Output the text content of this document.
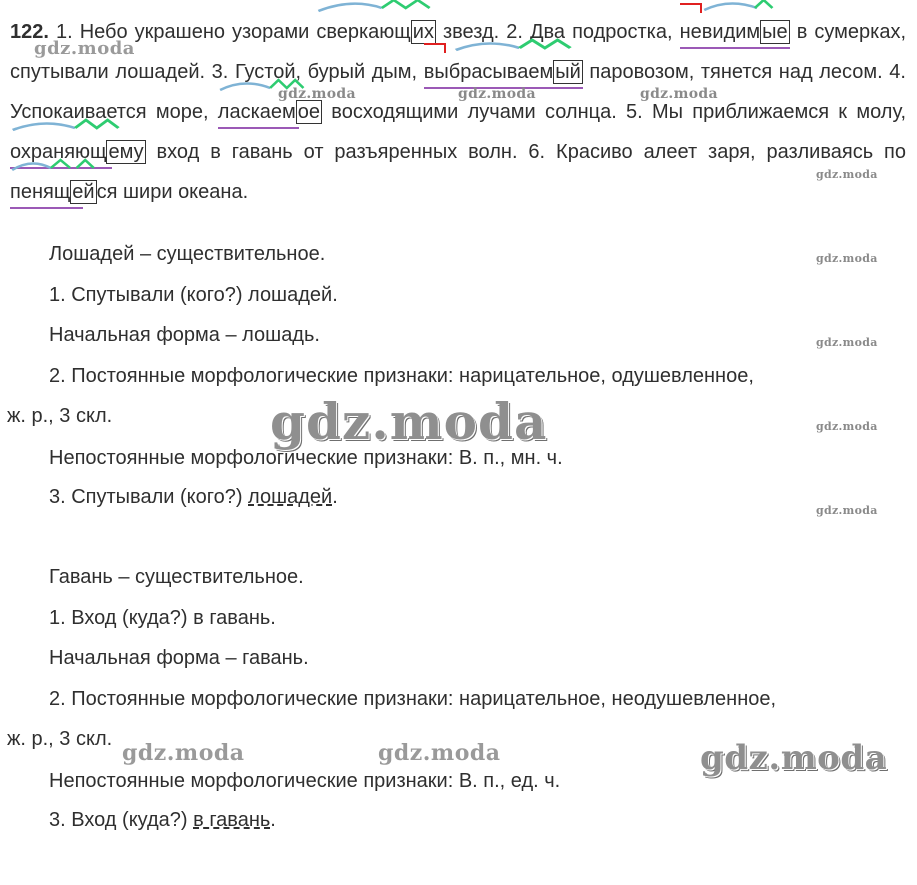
122. 1. Небо украшено узорами
сверкающ их звезд. 2. Два подростка,
невидим ые
в сумерках, спутывали лошадей. 3. Густой, бурый дым,
выбрасываем ый
паровозом, тянется над лесом. 4. Успокаивается море,
ласкаем ое
восходящими лучами солнца. 5. Мы приближаемся к молу,
охраняющ ему
вход в гавань от разъяренных волн. 6. Красиво алеет заря, разливаясь по
пенящ ей ся
шири океана.
Лошадей – существительное.
1. Спутывали (кого?) лошадей.
Начальная форма – лошадь.
2. Постоянные морфологические признаки: нарицательное, одушевленное,
ж. р., 3 скл.
Непостоянные морфологические признаки: В. п., мн. ч.
3. Спутывали (кого?) лошадей.
Гавань – существительное.
1. Вход (куда?) в гавань.
Начальная форма – гавань.
2. Постоянные морфологические признаки: нарицательное, неодушевленное,
ж. р., 3 скл.
Непостоянные морфологические признаки: В. п., ед. ч.
3. Вход (куда?) в гавань.
gdz.moda
gdz.moda	gdz.moda	gdz.moda
gdz.moda
gdz.moda
gdz.moda
gdz.moda
gdz.moda
gdz.moda
gdz.moda	gdz.moda	gdz.moda
